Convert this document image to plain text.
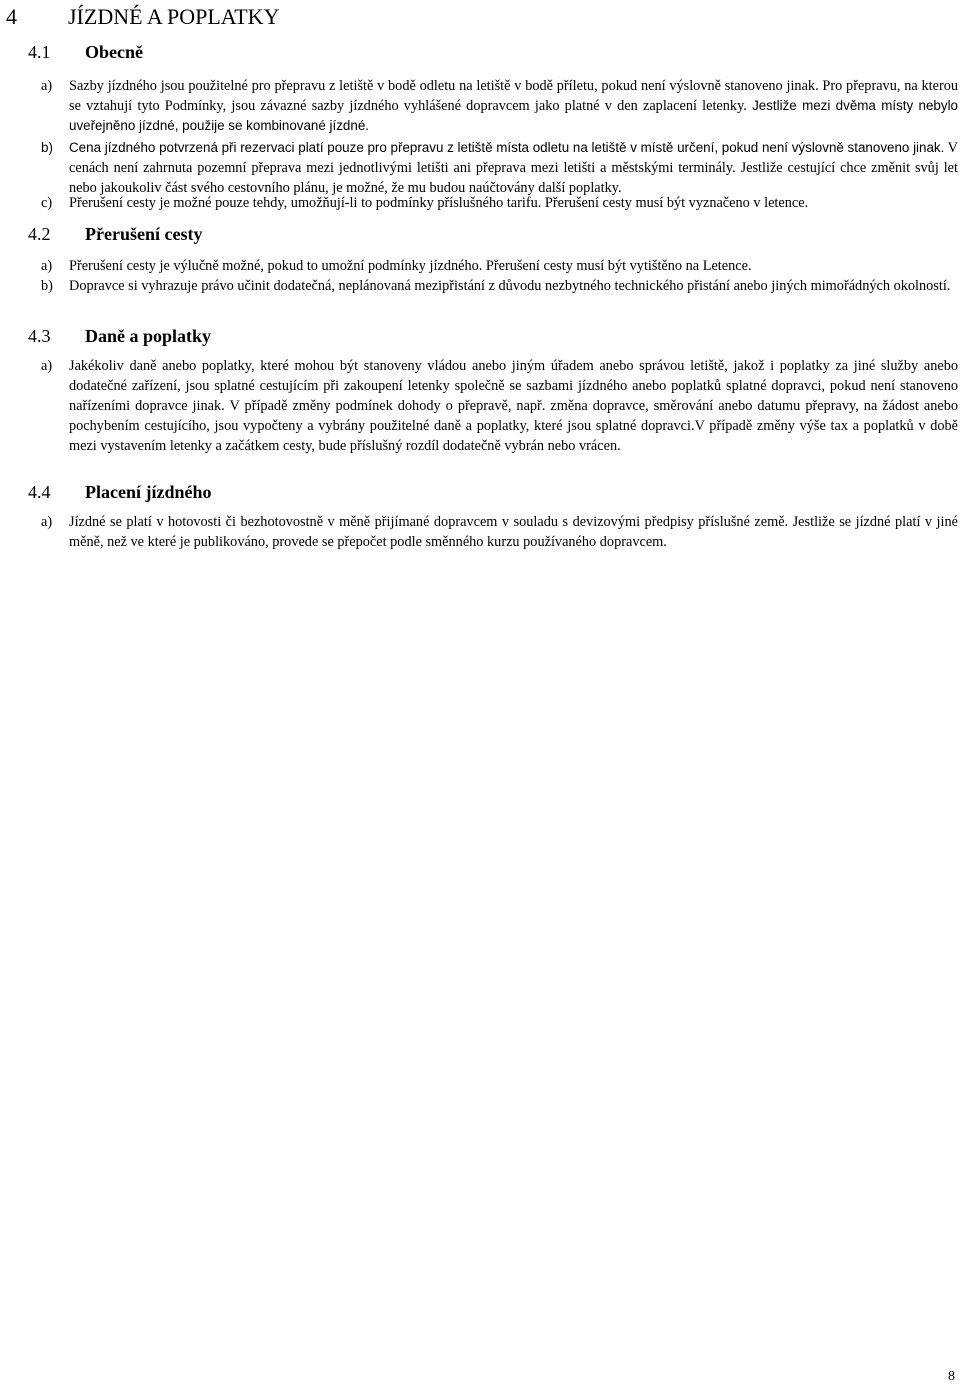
4 JÍZDNÉ A POPLATKY
4.1 Obecně
a)	Sazby jízdného jsou použitelné pro přepravu z letiště v bodě odletu na letiště v bodě příletu, pokud není výslovně stanoveno jinak. Pro přepravu, na kterou se vztahují tyto Podmínky, jsou závazné sazby jízdného vyhlášené dopravcem jako platné v den zaplacení letenky. Jestliže mezi dvěma místy nebylo uveřejněno jízdné, použije se kombinované jízdné.
b)	Cena jízdného potvrzená při rezervaci platí pouze pro přepravu z letiště místa odletu na letiště v místě určení, pokud není výslovně stanoveno jinak. V cenách není zahrnuta pozemní přeprava mezi jednotlivými letišti ani přeprava mezi letišti a městskými terminály. Jestliže cestující chce změnit svůj let nebo jakoukoliv část svého cestovního plánu, je možné, že mu budou naúčtovány další poplatky.
c)	Přerušení cesty je možné pouze tehdy, umožňují-li to podmínky příslušného tarifu. Přerušení cesty musí být vyznačeno v letence.
4.2 Přerušení cesty
a)	Přerušení cesty je výlučně možné, pokud to umožní podmínky jízdného. Přerušení cesty musí být vytištěno na Letence.
b)	Dopravce si vyhrazuje právo učinit dodatečná, neplánovaná mezipřistání z důvodu nezbytného technického přistání anebo jiných mimořádných okolností.
4.3 Daně a poplatky
a)	Jakékoliv daně anebo poplatky, které mohou být stanoveny vládou anebo jiným úřadem anebo správou letiště, jakož i poplatky za jiné služby anebo dodatečné zařízení, jsou splatné cestujícím při zakoupení letenky společně se sazbami jízdného anebo poplatků splatné dopravci, pokud není stanoveno nařízeními dopravce jinak. V případě změny podmínek dohody o přepravě, např. změna dopravce, směrování anebo datumu přepravy, na žádost anebo pochybením cestujícího, jsou vypočteny a vybrány použitelné daně a poplatky, které jsou splatné dopravci.V případě změny výše tax a poplatků v době mezi vystavením letenky a začátkem cesty, bude příslušný rozdíl dodatečně vybrán nebo vrácen.
4.4 Placení jízdného
a)	Jízdné se platí v hotovosti či bezhotovostně v měně přijímané dopravcem v souladu s devizovými předpisy příslušné země. Jestliže se jízdné platí v jiné měně, než ve které je publikováno, provede se přepočet podle směnného kurzu používaného dopravcem.
8
